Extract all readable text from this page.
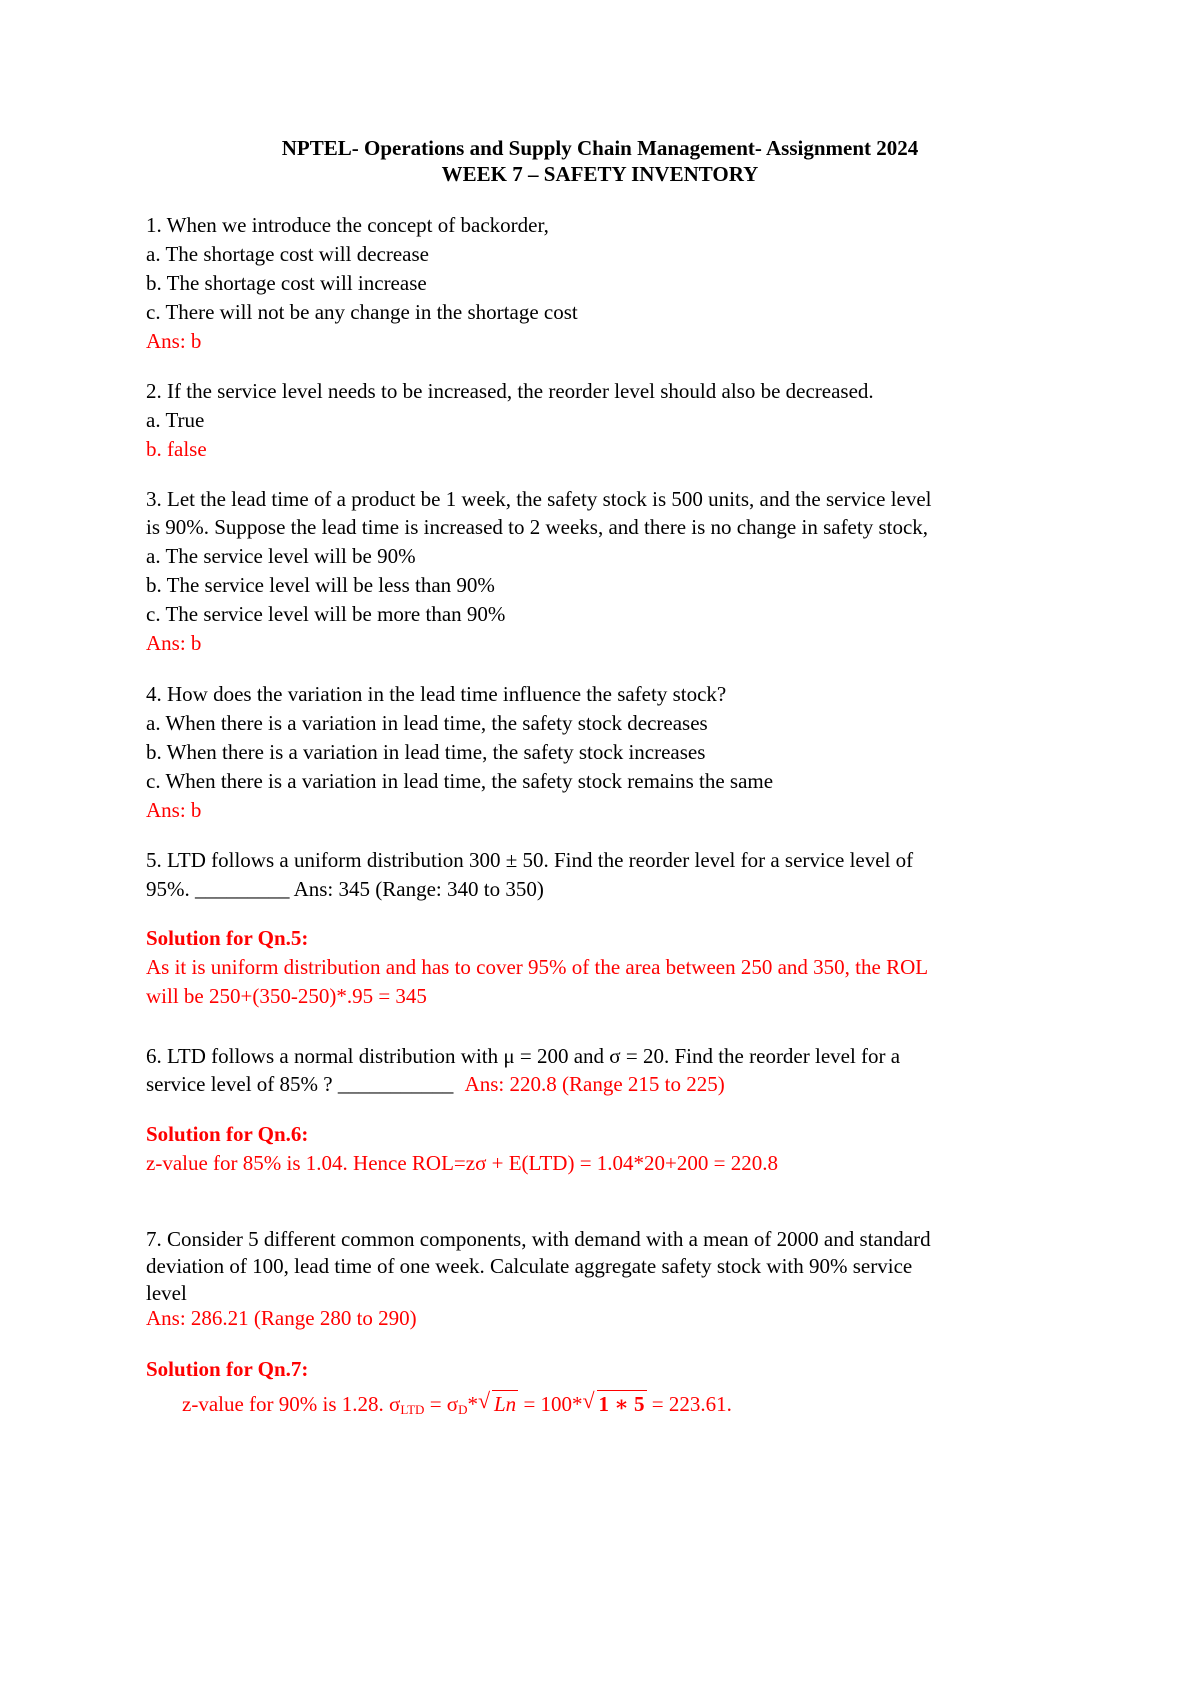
NPTEL- Operations and Supply Chain Management- Assignment 2024
WEEK 7 – SAFETY INVENTORY
1. When we introduce the concept of backorder,
a. The shortage cost will decrease
b. The shortage cost will increase
c. There will not be any change in the shortage cost
Ans: b
2. If the service level needs to be increased, the reorder level should also be decreased.
a. True
b. false
3. Let the lead time of a product be 1 week, the safety stock is 500 units, and the service level
is 90%. Suppose the lead time is increased to 2 weeks, and there is no change in safety stock,
a. The service level will be 90%
b. The service level will be less than 90%
c. The service level will be more than 90%
Ans: b
4. How does the variation in the lead time influence the safety stock?
a. When there is a variation in lead time, the safety stock decreases
b. When there is a variation in lead time, the safety stock increases
c. When there is a variation in lead time, the safety stock remains the same
Ans: b
5. LTD follows a uniform distribution 300 ± 50. Find the reorder level for a service level of
95%. _________ Ans: 345 (Range: 340 to 350)
Solution for Qn.5:
As it is uniform distribution and has to cover 95% of the area between 250 and 350, the ROL
will be 250+(350-250)*.95 = 345
6. LTD follows a normal distribution with μ = 200 and σ = 20. Find the reorder level for a
service level of 85% ? ___________ Ans: 220.8 (Range 215 to 225)
Solution for Qn.6:
z-value for 85% is 1.04. Hence ROL=zσ + E(LTD) = 1.04*20+200 = 220.8
7. Consider 5 different common components, with demand with a mean of 2000 and standard
deviation of 100, lead time of one week. Calculate aggregate safety stock with 90% service
level
Ans: 286.21 (Range 280 to 290)
Solution for Qn.7:
z-value for 90% is 1.28. $\sigma_{LTD} = \sigma_D*$ √ Ln = 100* √ 1 ∗ 5 = 223.61.
